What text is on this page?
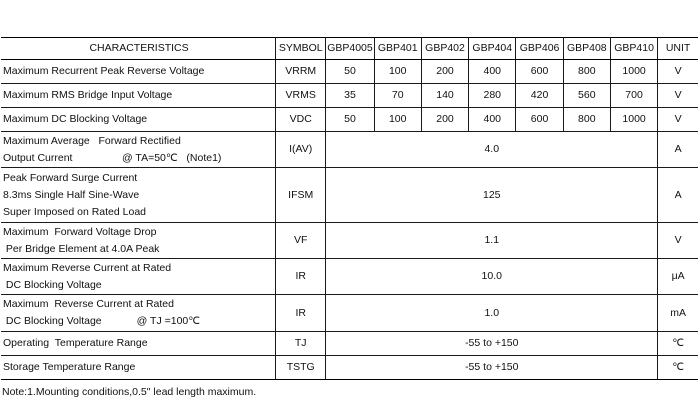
CHARACTERISTICS	SYMBOL	GBP4005	GBP401	GBP402	GBP404	GBP406	GBP408	GBP410	UNIT

Maximum Recurrent Peak Reverse Voltage	VRRM	50	100	200	400	600	800	1000	V

Maximum RMS Bridge Input Voltage	VRMS	35	70	140	280	420	560	700	V

Maximum DC Blocking Voltage	VDC	50	100	200	400	600	800	1000	V

Maximum Average   Forward Rectified
Output Current                 @ TA=50℃   (Note1)	I(AV)	4.0							A

Peak Forward Surge Current
8.3ms Single Half Sine-Wave
Super Imposed on Rated Load	IFSM	125							A

Maximum  Forward Voltage Drop
Per Bridge Element at 4.0A Peak	VF	1.1							V

Maximum Reverse Current at Rated
DC Blocking Voltage	IR	10.0							μA

Maximum  Reverse Current at Rated
DC Blocking Voltage            @ TJ =100℃	IR	1.0							mA

Operating  Temperature Range	TJ	-55 to +150							℃

Storage Temperature Range	TSTG	-55 to +150							℃
Note:1.Mounting conditions,0.5" lead length maximum.
